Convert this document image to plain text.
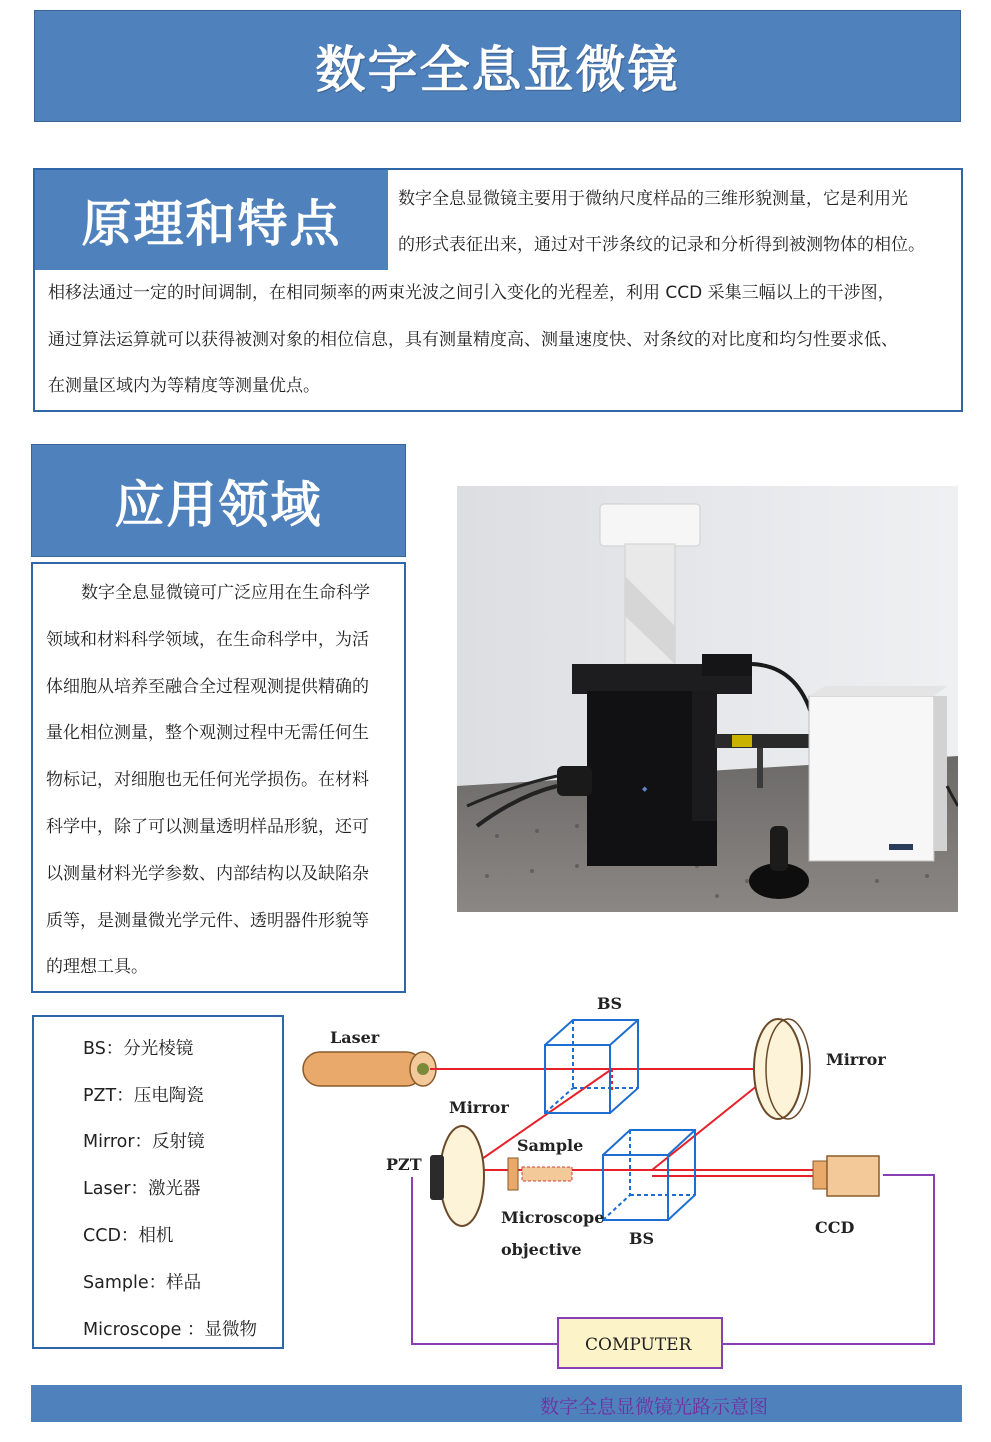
数字全息显微镜
原理和特点	数字全息显微镜主要用于微纳尺度样品的三维形貌测量，它是利用光
的形式表征出来，通过对干涉条纹的记录和分析得到被测物体的相位。
相移法通过一定的时间调制，在相同频率的两束光波之间引入变化的光程差，利用 CCD 采集三幅以上的干涉图，
通过算法运算就可以获得被测对象的相位信息，具有测量精度高、测量速度快、对条纹的对比度和均匀性要求低、
在测量区域内为等精度等测量优点。
应用领域
数字全息显微镜可广泛应用在生命科学
领域和材料科学领域，在生命科学中，为活
体细胞从培养至融合全过程观测提供精确的
量化相位测量，整个观测过程中无需任何生
物标记，对细胞也无任何光学损伤。在材料
科学中，除了可以测量透明样品形貌，还可
以测量材料光学参数、内部结构以及缺陷杂
质等，是测量微光学元件、透明器件形貌等
的理想工具。
◆
BS：分光棱镜
PZT：压电陶瓷
Mirror：反射镜
Laser：激光器
CCD：相机
Sample：样品
Microscope ：显微物
BS
Laser
Mirror
Mirror
Sample
PZT
Microscope
objective
BS
CCD
COMPUTER
数字全息显微镜光路示意图
